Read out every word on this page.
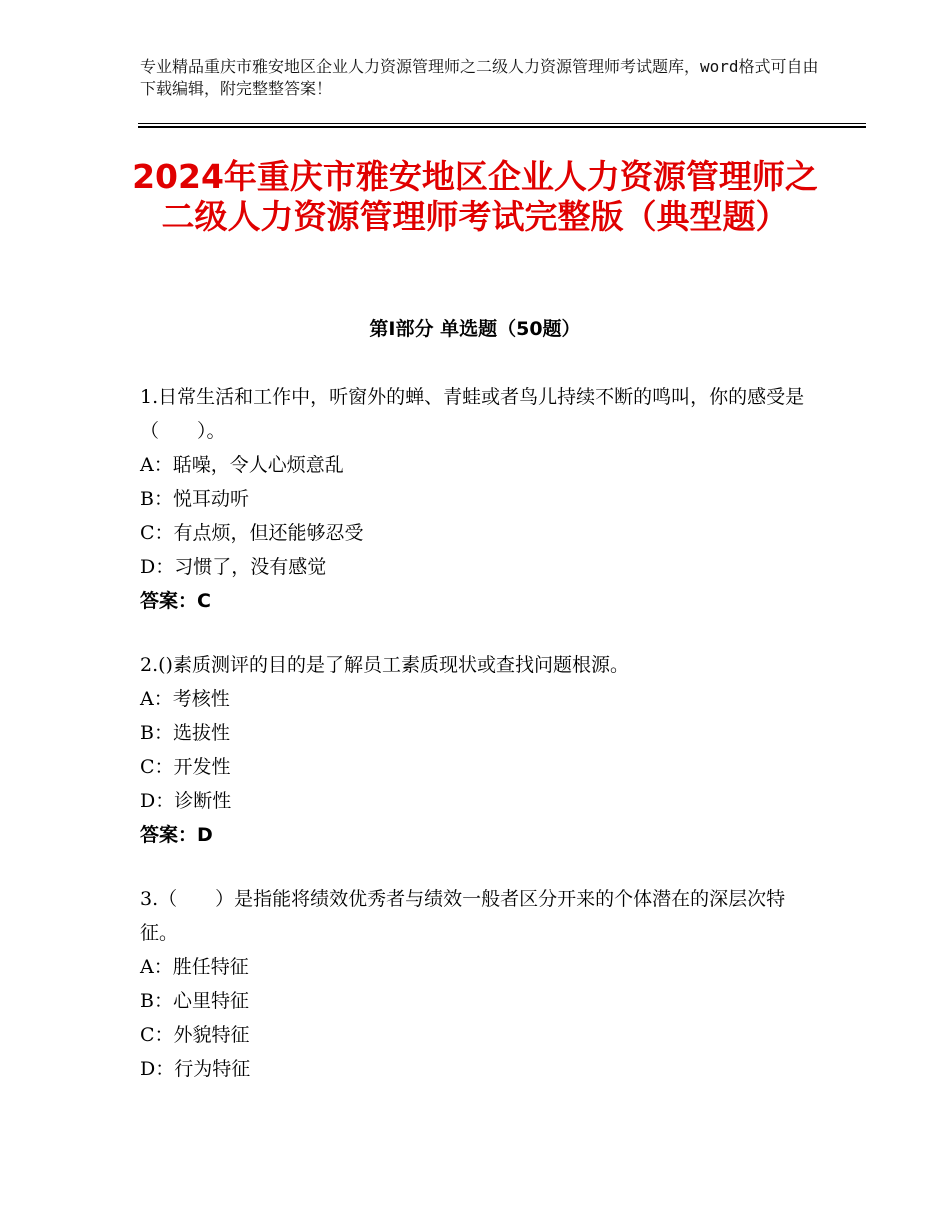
专业精品重庆市雅安地区企业人力资源管理师之二级人力资源管理师考试题库，word格式可自由下载编辑，附完整整答案！
2024年重庆市雅安地区企业人力资源管理师之二级人力资源管理师考试完整版（典型题）
第Ⅰ部分 单选题（50题）
1.日常生活和工作中，听窗外的蝉、青蛙或者鸟儿持续不断的鸣叫，你的感受是（　　）。
A：聒噪，令人心烦意乱
B：悦耳动听
C：有点烦，但还能够忍受
D：习惯了，没有感觉
答案：C
2.()素质测评的目的是了解员工素质现状或查找问题根源。
A：考核性
B：选拔性
C：开发性
D：诊断性
答案：D
3.（　　）是指能将绩效优秀者与绩效一般者区分开来的个体潜在的深层次特征。
A：胜任特征
B：心里特征
C：外貌特征
D：行为特征
